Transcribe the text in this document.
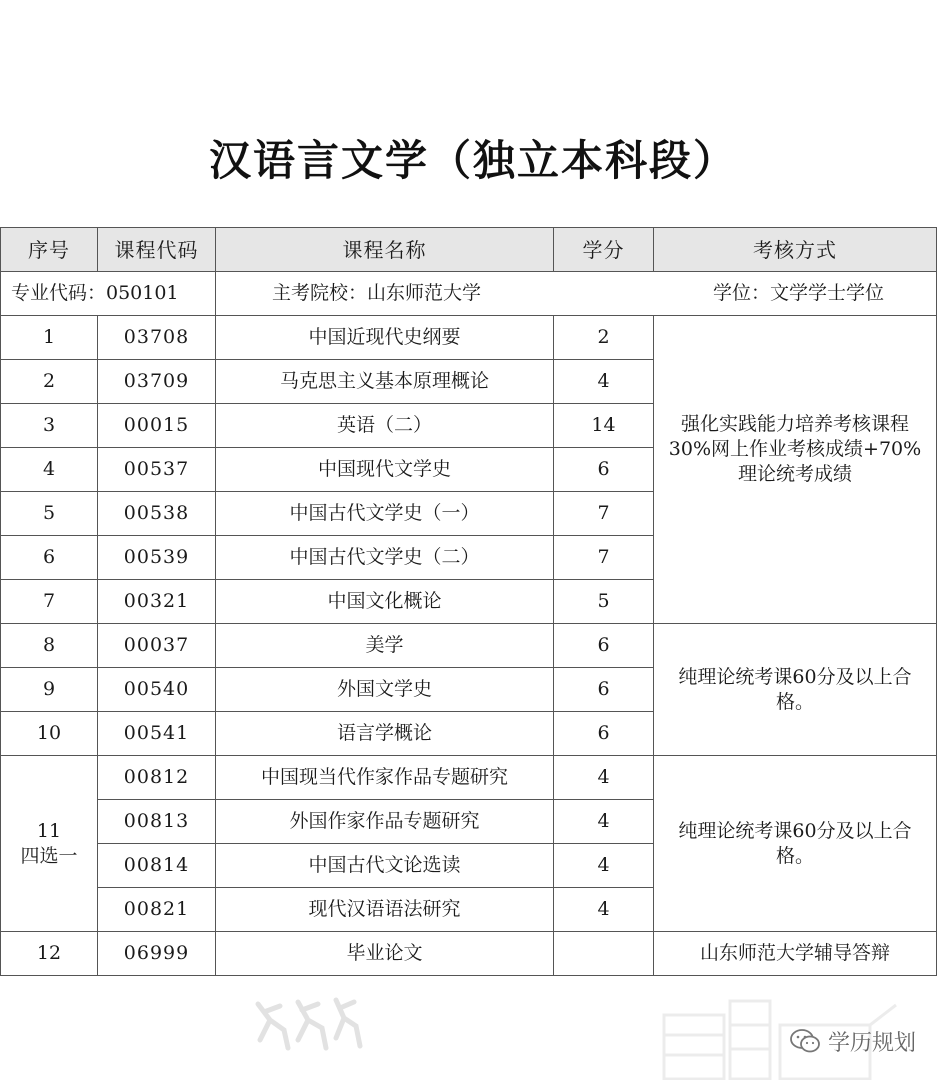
汉语言文学（独立本科段）
专业代码：050101		主考院校：山东师范大学 学位：文学学士学位		

序号	课程代码	课程名称	学分	考核方式
1	03708	中国近现代史纲要	2	强化实践能力培养考核课程30%网上作业考核成绩+70%理论统考成绩
2	03709	马克思主义基本原理概论	4	
3	00015	英语（二）	14	
4	00537	中国现代文学史	6	
5	00538	中国古代文学史（一）	7	
6	00539	中国古代文学史（二）	7	
7	00321	中国文化概论	5	
8	00037	美学	6	纯理论统考课60分及以上合格。
9	00540	外国文学史	6	
10	00541	语言学概论	6	
11
四选一	00812	中国现当代作家作品专题研究	4	纯理论统考课60分及以上合格。
	00813	外国作家作品专题研究	4	
	00814	中国古代文论选读	4	
	00821	现代汉语语法研究	4	
12	06999	毕业论文		山东师范大学辅导答辩
学历规划
